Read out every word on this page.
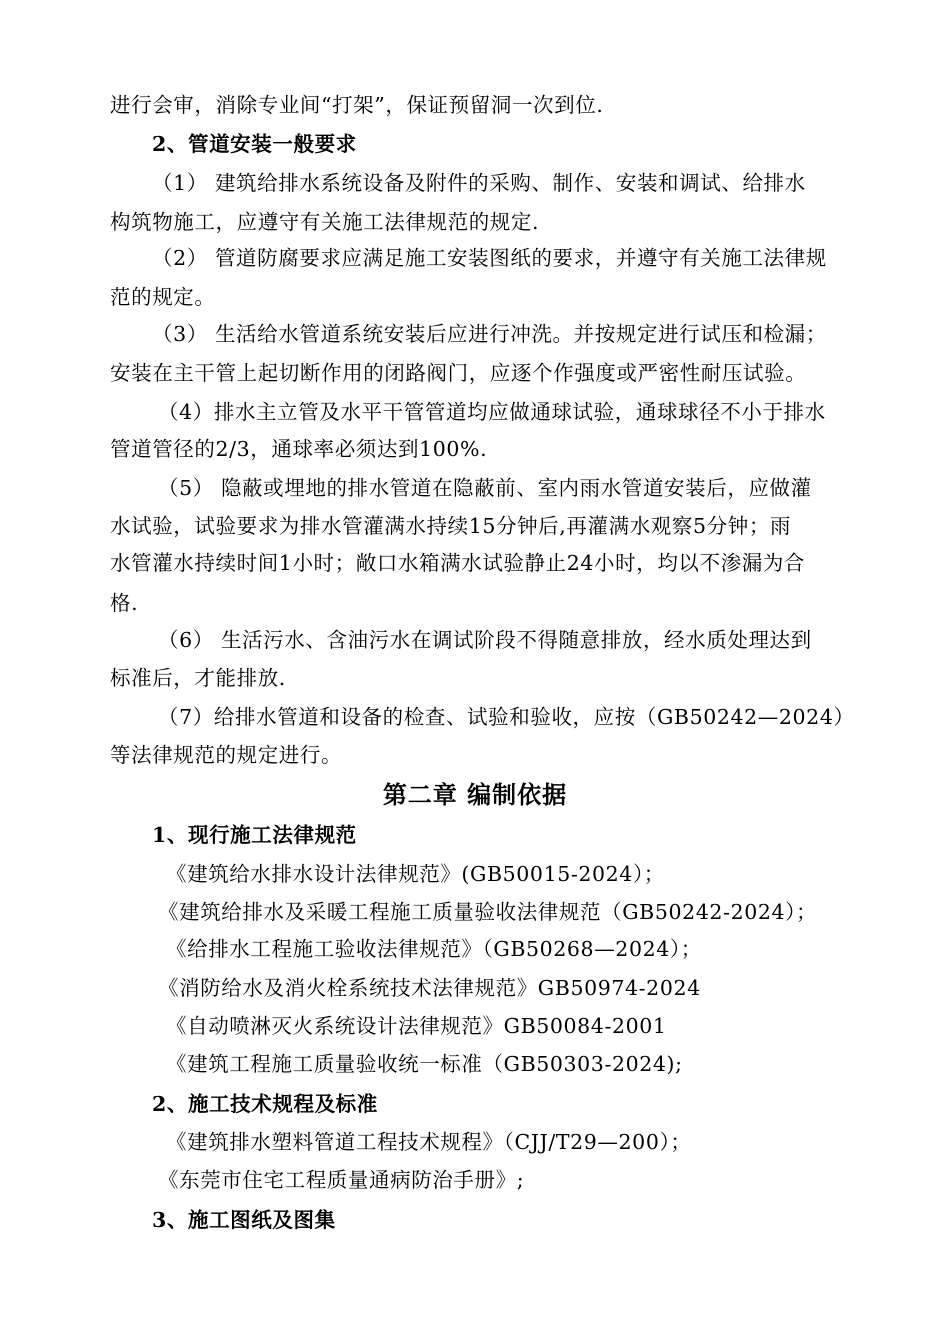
进行会审，消除专业间“打架”，保证预留洞一次到位.
2、管道安装一般要求
（1） 建筑给排水系统设备及附件的采购、制作、安装和调试、给排水
构筑物施工，应遵守有关施工法律规范的规定.
（2） 管道防腐要求应满足施工安装图纸的要求，并遵守有关施工法律规
范的规定。
（3） 生活给水管道系统安装后应进行冲洗。并按规定进行试压和检漏；
安装在主干管上起切断作用的闭路阀门，应逐个作强度或严密性耐压试验。
（4）排水主立管及水平干管管道均应做通球试验，通球球径不小于排水
管道管径的2/3，通球率必须达到100%.
（5） 隐蔽或埋地的排水管道在隐蔽前、室内雨水管道安装后，应做灌
水试验，试验要求为排水管灌满水持续15分钟后,再灌满水观察5分钟；雨
水管灌水持续时间1小时；敞口水箱满水试验静止24小时，均以不渗漏为合
格.
（6） 生活污水、含油污水在调试阶段不得随意排放，经水质处理达到
标准后，才能排放.
（7）给排水管道和设备的检查、试验和验收，应按（GB50242—2024）
等法律规范的规定进行。
第二章 编制依据
1、现行施工法律规范
《建筑给水排水设计法律规范》(GB50015-2024）；
《建筑给排水及采暖工程施工质量验收法律规范（GB50242-2024）；
《给排水工程施工验收法律规范》（GB50268—2024）；
《消防给水及消火栓系统技术法律规范》GB50974-2024
《自动喷淋灭火系统设计法律规范》GB50084-2001
《建筑工程施工质量验收统一标准（GB50303-2024);
2、施工技术规程及标准
《建筑排水塑料管道工程技术规程》（CJJ/T29—200）；
《东莞市住宅工程质量通病防治手册》;
3、施工图纸及图集
